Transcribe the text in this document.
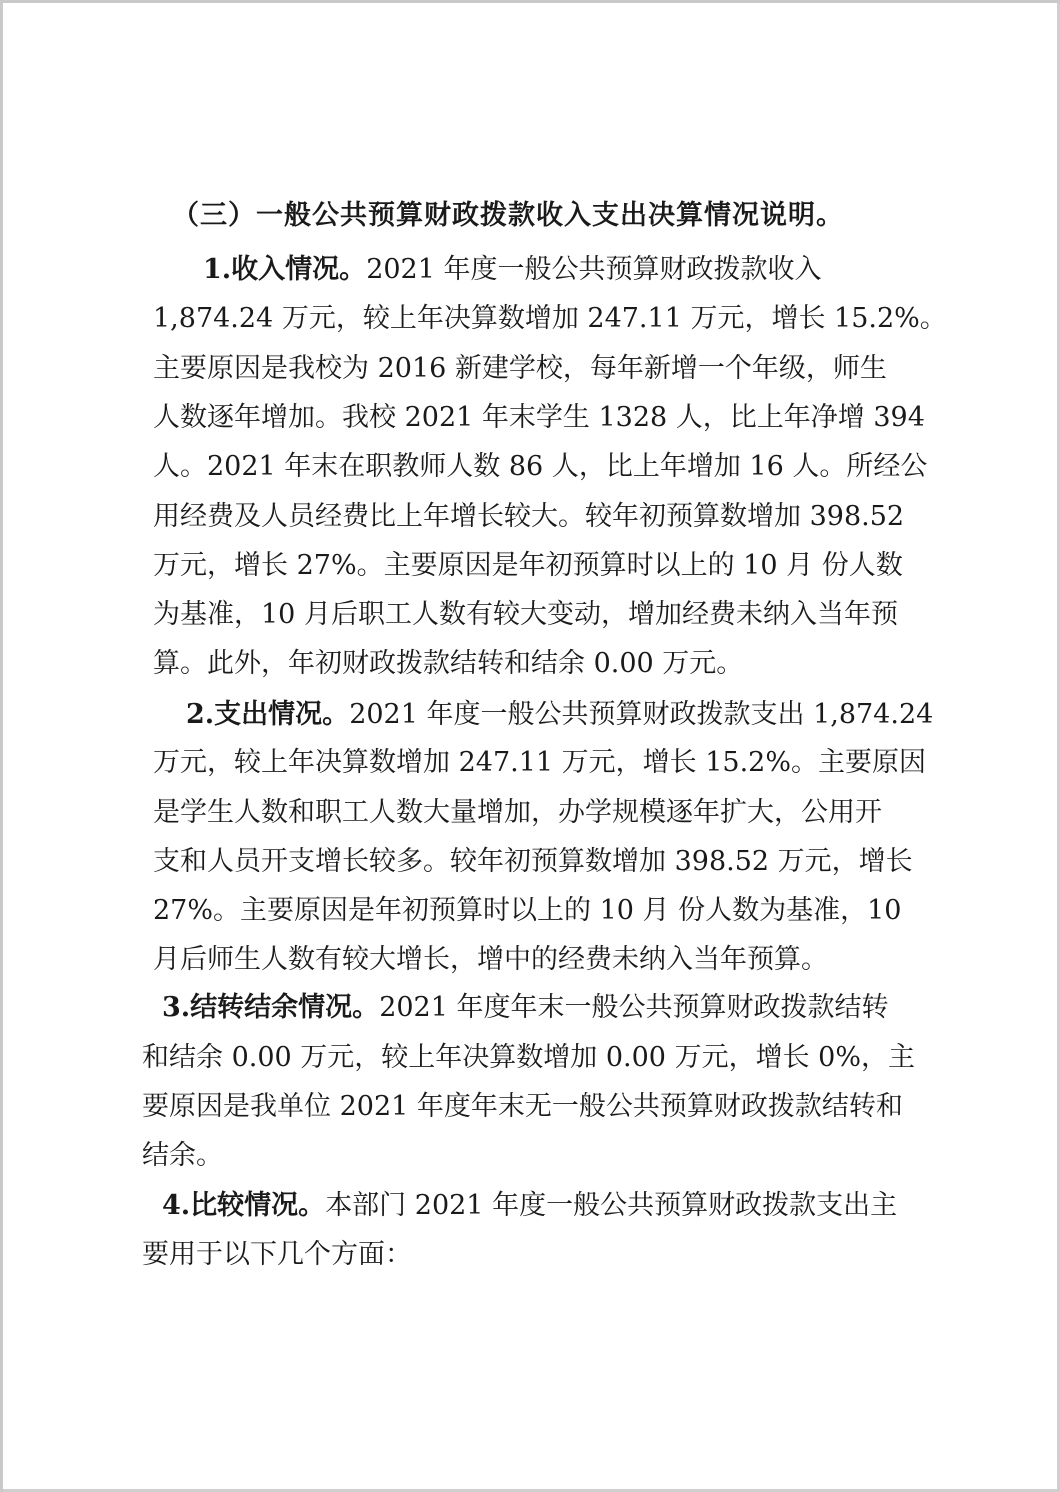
（三）一般公共预算财政拨款收入支出决算情况说明。
1.收入情况。2021 年度一般公共预算财政拨款收入
1,874.24 万元，较上年决算数增加 247.11 万元，增长 15.2%。
主要原因是我校为 2016 新建学校，每年新增一个年级，师生
人数逐年增加。我校 2021 年末学生 1328 人，比上年净增 394
人。2021 年末在职教师人数 86 人，比上年增加 16 人。所经公
用经费及人员经费比上年增长较大。较年初预算数增加 398.52
万元，增长 27%。主要原因是年初预算时以上的 10 月 份人数
为基准，10 月后职工人数有较大变动，增加经费未纳入当年预
算。此外，年初财政拨款结转和结余 0.00 万元。
2.支出情况。2021 年度一般公共预算财政拨款支出 1,874.24
万元，较上年决算数增加 247.11 万元，增长 15.2%。主要原因
是学生人数和职工人数大量增加，办学规模逐年扩大，公用开
支和人员开支增长较多。较年初预算数增加 398.52 万元，增长
27%。主要原因是年初预算时以上的 10 月 份人数为基准，10
月后师生人数有较大增长，增中的经费未纳入当年预算。
3.结转结余情况。2021 年度年末一般公共预算财政拨款结转
和结余 0.00 万元，较上年决算数增加 0.00 万元，增长 0%，主
要原因是我单位 2021 年度年末无一般公共预算财政拨款结转和
结余。
4.比较情况。本部门 2021 年度一般公共预算财政拨款支出主
要用于以下几个方面：
